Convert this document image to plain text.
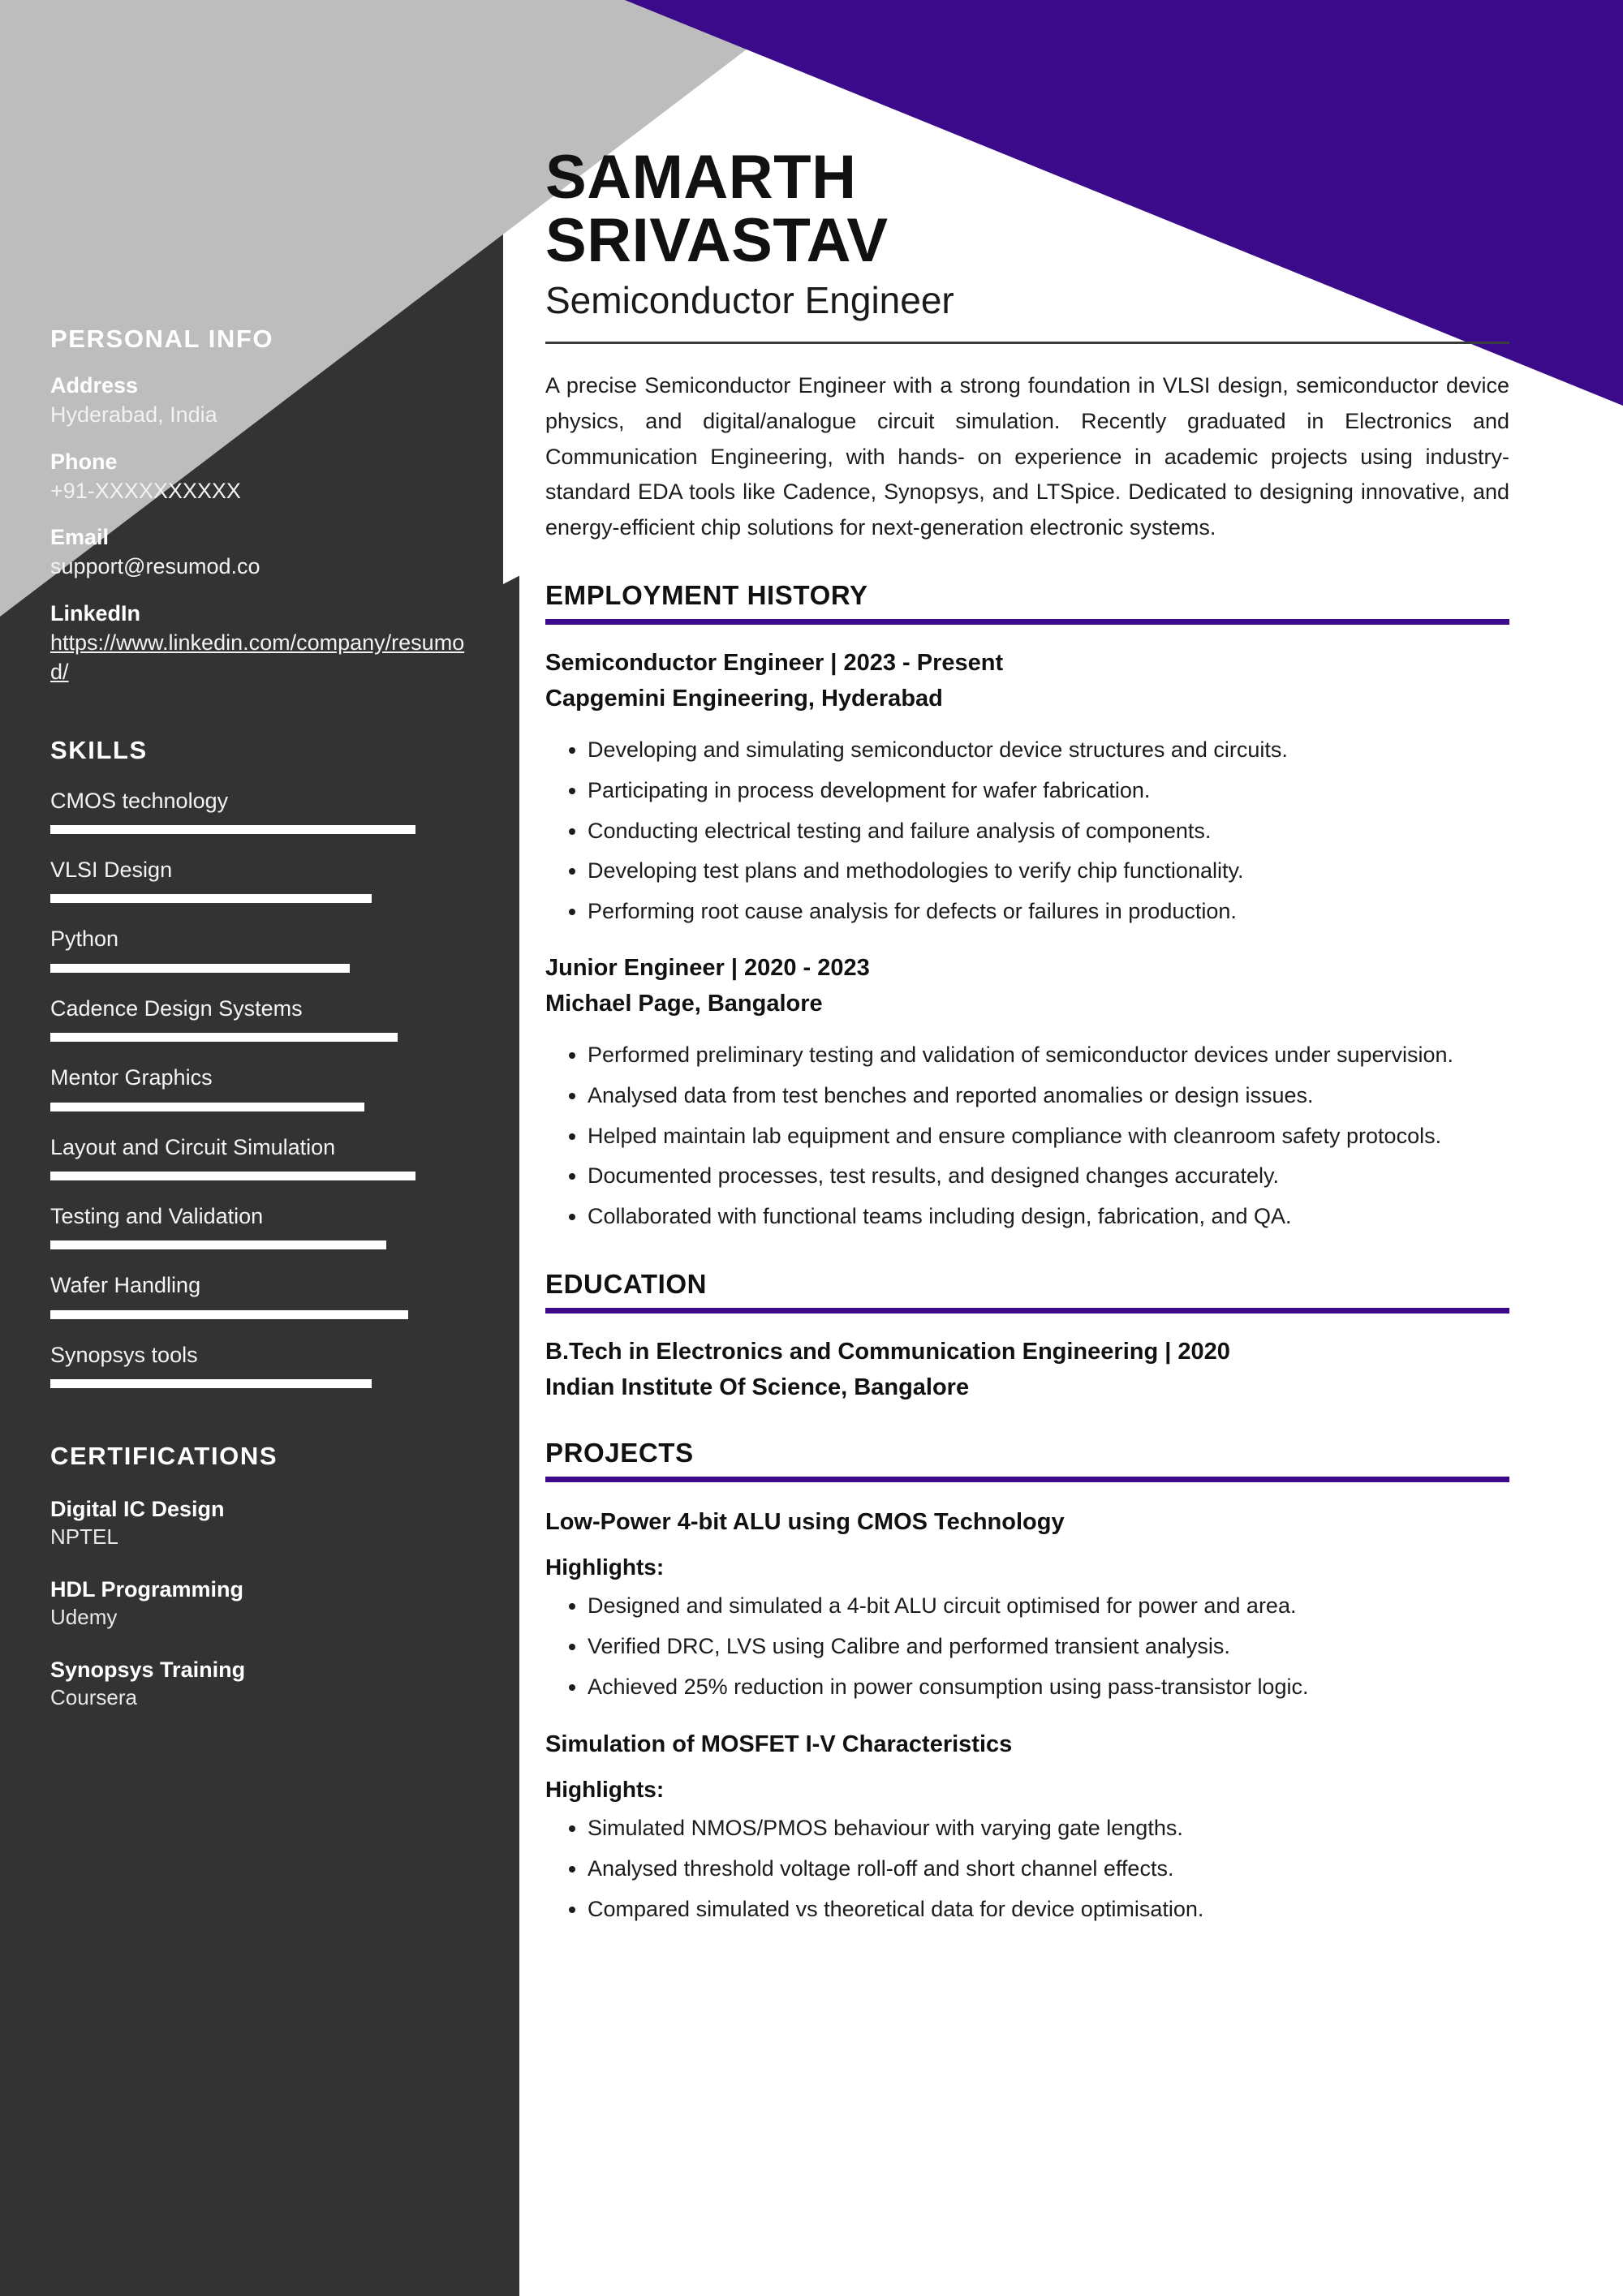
PERSONAL INFO
Address
Hyderabad, India
Phone
+91-XXXXXXXXXX
Email
support@resumod.co
LinkedIn
https://www.linkedin.com/company/resumod/
SKILLS
CMOS technology
VLSI Design
Python
Cadence Design Systems
Mentor Graphics
Layout and Circuit Simulation
Testing and Validation
Wafer Handling
Synopsys tools
CERTIFICATIONS
Digital IC Design
NPTEL
HDL Programming
Udemy
Synopsys Training
Coursera
SAMARTH
SRIVASTAV
Semiconductor Engineer
A precise Semiconductor Engineer with a strong foundation in VLSI design, semiconductor device physics, and digital/analogue circuit simulation. Recently graduated in Electronics and Communication Engineering, with hands- on experience in academic projects using industry- standard EDA tools like Cadence, Synopsys, and LTSpice. Dedicated to designing innovative, and energy-efficient chip solutions for next-generation electronic systems.
EMPLOYMENT HISTORY
Semiconductor Engineer | 2023 - Present
Capgemini Engineering, Hyderabad
• Developing and simulating semiconductor device structures and circuits.
• Participating in process development for wafer fabrication.
• Conducting electrical testing and failure analysis of components.
• Developing test plans and methodologies to verify chip functionality.
• Performing root cause analysis for defects or failures in production.
Junior Engineer | 2020 - 2023
Michael Page, Bangalore
• Performed preliminary testing and validation of semiconductor devices under supervision.
• Analysed data from test benches and reported anomalies or design issues.
• Helped maintain lab equipment and ensure compliance with cleanroom safety protocols.
• Documented processes, test results, and designed changes accurately.
• Collaborated with functional teams including design, fabrication, and QA.
EDUCATION
B.Tech in Electronics and Communication Engineering | 2020
Indian Institute Of Science, Bangalore
PROJECTS
Low-Power 4-bit ALU using CMOS Technology
Highlights:
• Designed and simulated a 4-bit ALU circuit optimised for power and area.
• Verified DRC, LVS using Calibre and performed transient analysis.
• Achieved 25% reduction in power consumption using pass-transistor logic.
Simulation of MOSFET I-V Characteristics
Highlights:
• Simulated NMOS/PMOS behaviour with varying gate lengths.
• Analysed threshold voltage roll-off and short channel effects.
• Compared simulated vs theoretical data for device optimisation.
